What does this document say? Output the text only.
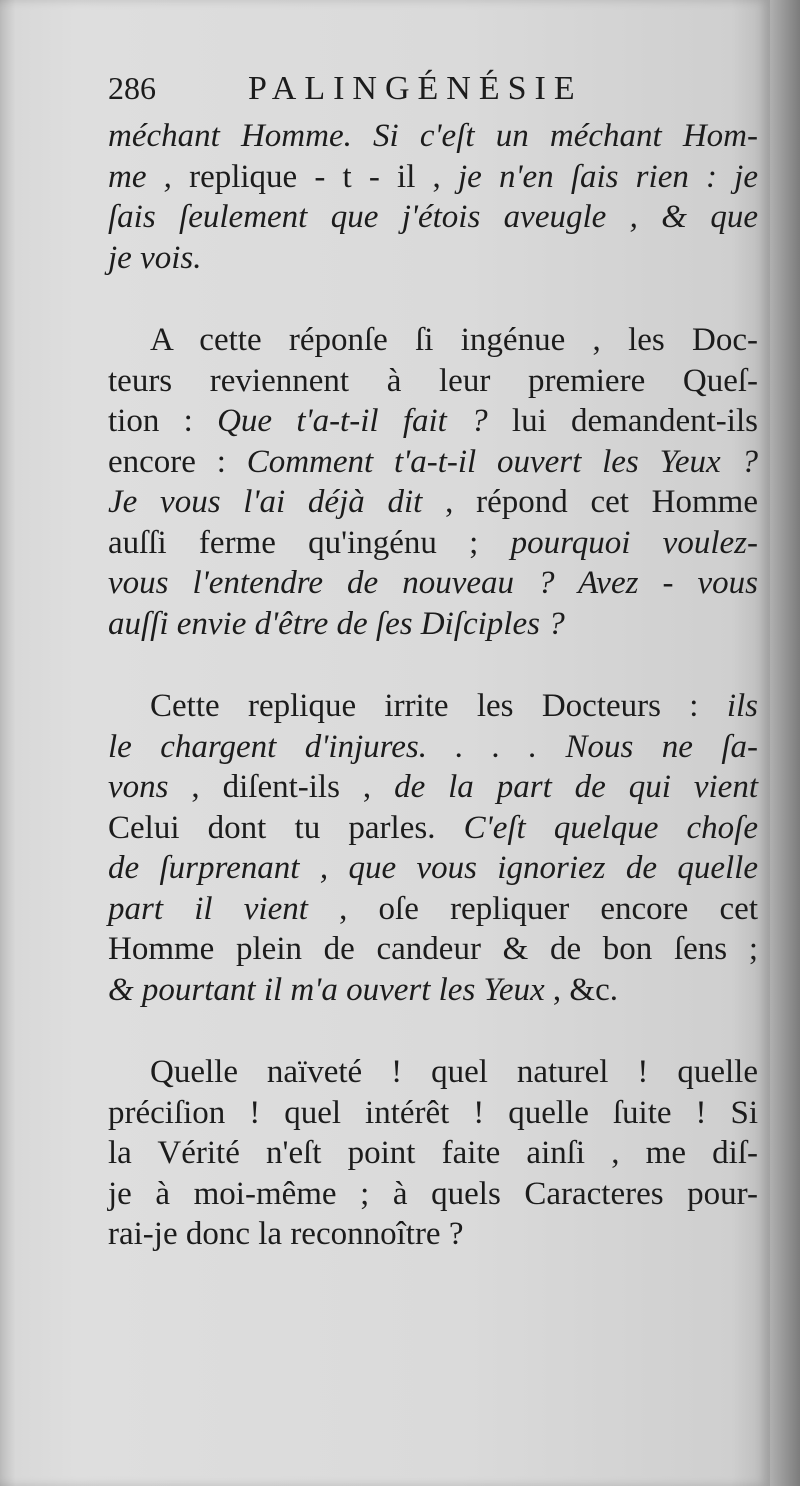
286	PALINGÉNÉSIE
méchant Homme. Si c'eſt un méchant Hom-
me , replique - t - il , je n'en ſais rien : je
ſais ſeulement que j'étois aveugle , & que
je vois.
A cette réponſe ſi ingénue , les Doc-
teurs reviennent à leur premiere Queſ-
tion : Que t'a-t-il fait ? lui demandent-ils
encore : Comment t'a-t-il ouvert les Yeux ?
Je vous l'ai déjà dit , répond cet Homme
auſſi ferme qu'ingénu ; pourquoi voulez-
vous l'entendre de nouveau ? Avez - vous
auſſi envie d'être de ſes Diſciples ?
Cette replique irrite les Docteurs : ils
le chargent d'injures. . . . Nous ne ſa-
vons , diſent-ils , de la part de qui vient
Celui dont tu parles. C'eſt quelque choſe
de ſurprenant , que vous ignoriez de quelle
part il vient , oſe repliquer encore cet
Homme plein de candeur & de bon ſens ;
& pourtant il m'a ouvert les Yeux , &c.
Quelle naïveté ! quel naturel ! quelle
préciſion ! quel intérêt ! quelle ſuite ! Si
la Vérité n'eſt point faite ainſi , me diſ-
je à moi-même ; à quels Caracteres pour-
rai-je donc la reconnoître ?
